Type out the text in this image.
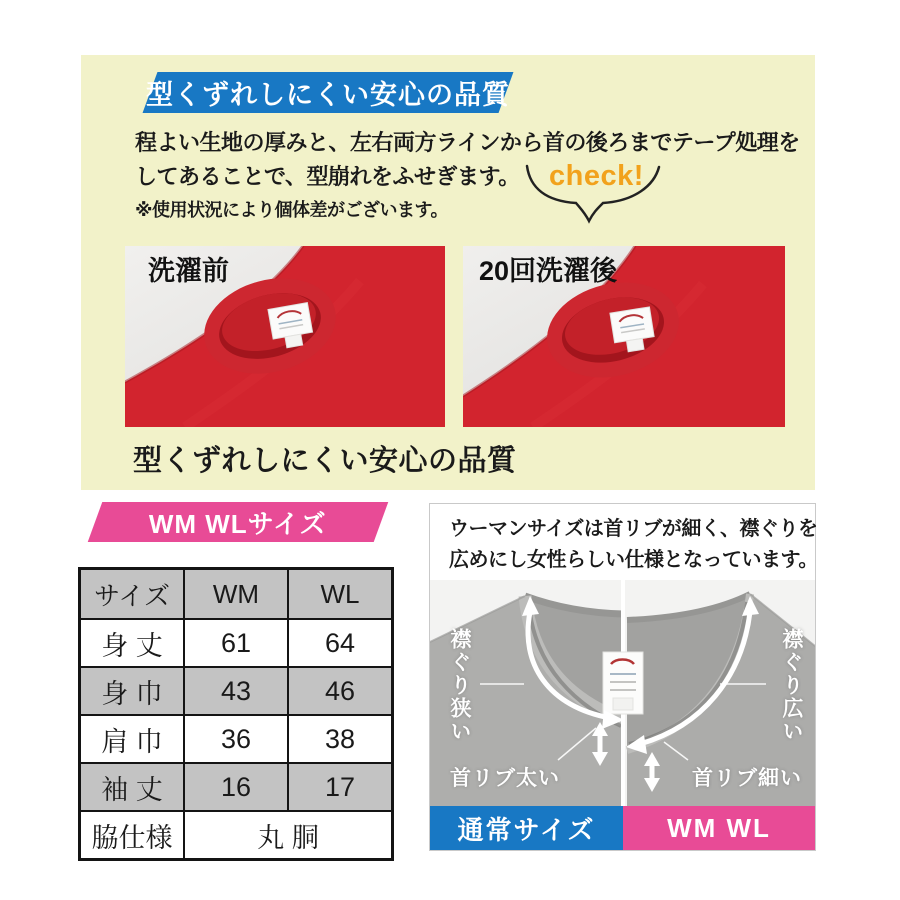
型くずれしにくい安心の品質
程よい生地の厚みと、左右両方ラインから首の後ろまでテープ処理を
してあることで、型崩れをふせぎます。
※使用状況により個体差がございます。
check!
洗濯前	20回洗濯後
型くずれしにくい安心の品質
WM WLサイズ
サイズ	WM	WL
身 丈	61	64
身 巾	43	46
肩 巾	36	38
袖 丈	16	17
脇仕様	丸 胴	
ウーマンサイズは首リブが細く、襟ぐりを
広めにし女性らしい仕様となっています。
襟ぐり狭い	襟ぐり広い
首リブ太い	首リブ細い
通常サイズ	WM WL
